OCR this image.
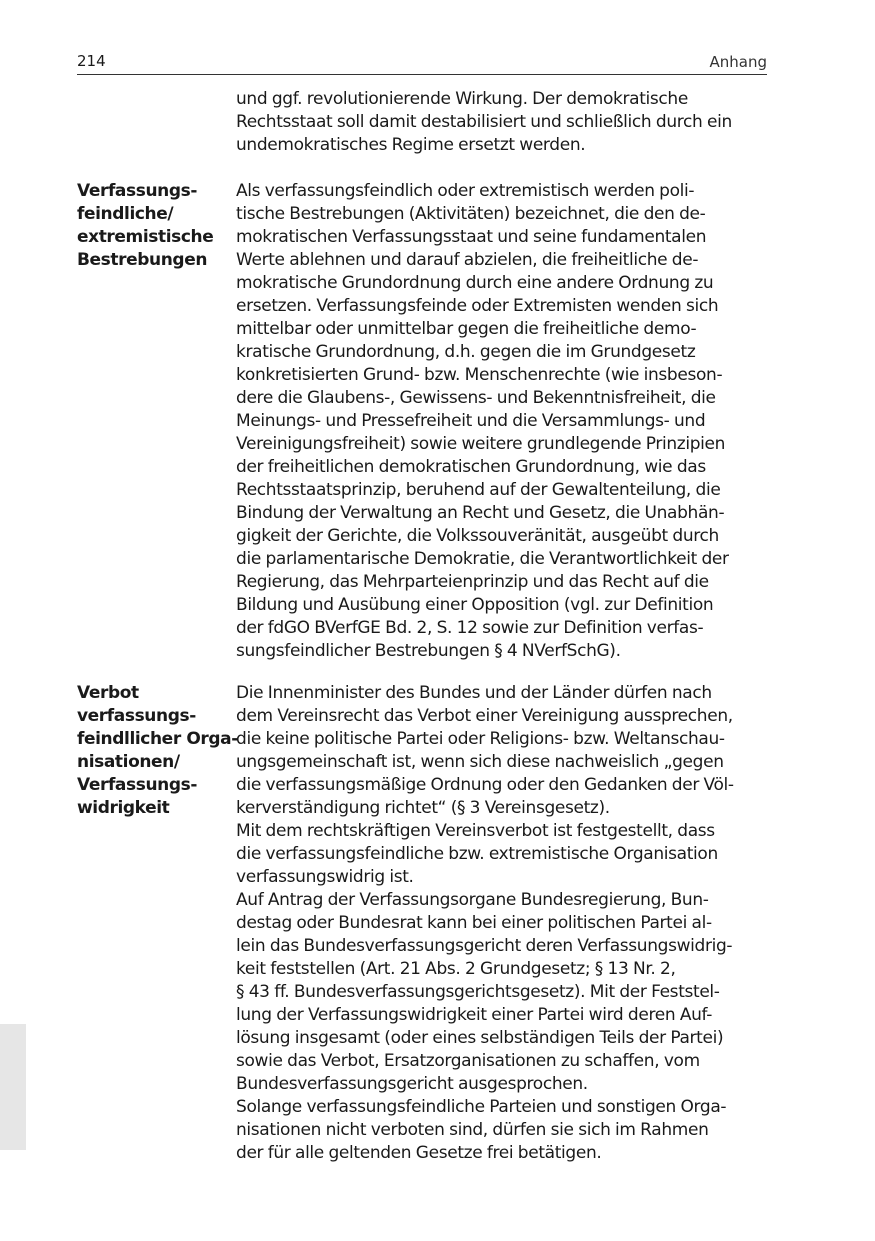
214	Anhang
und ggf. revolutionierende Wirkung. Der demokratische
Rechtsstaat soll damit destabilisiert und schließlich durch ein
undemokratisches Regime ersetzt werden.
Verfassungs-
feindliche/
extremistische
Bestrebungen
Als verfassungsfeindlich oder extremistisch werden poli-
tische Bestrebungen (Aktivitäten) bezeichnet, die den de-
mokratischen Verfassungsstaat und seine fundamentalen
Werte ablehnen und darauf abzielen, die freiheitliche de-
mokratische Grundordnung durch eine andere Ordnung zu
ersetzen. Verfassungsfeinde oder Extremisten wenden sich
mittelbar oder unmittelbar gegen die freiheitliche demo-
kratische Grundordnung, d.h. gegen die im Grundgesetz
konkretisierten Grund- bzw. Menschenrechte (wie insbeson-
dere die Glaubens-, Gewissens- und Bekenntnisfreiheit, die
Meinungs- und Pressefreiheit und die Versammlungs- und
Vereinigungsfreiheit) sowie weitere grundlegende Prinzipien
der freiheitlichen demokratischen Grundordnung, wie das
Rechtsstaatsprinzip, beruhend auf der Gewaltenteilung, die
Bindung der Verwaltung an Recht und Gesetz, die Unabhän-
gigkeit der Gerichte, die Volkssouveränität, ausgeübt durch
die parlamentarische Demokratie, die Verantwortlichkeit der
Regierung, das Mehrparteienprinzip und das Recht auf die
Bildung und Ausübung einer Opposition (vgl. zur Definition
der fdGO BVerfGE Bd. 2, S. 12 sowie zur Definition verfas-
sungsfeindlicher Bestrebungen § 4 NVerfSchG).
Verbot
verfassungs-
feindllicher Orga-
nisationen/
Verfassungs-
widrigkeit
Die Innenminister des Bundes und der Länder dürfen nach
dem Vereinsrecht das Verbot einer Vereinigung aussprechen,
die keine politische Partei oder Religions- bzw. Weltanschau-
ungsgemeinschaft ist, wenn sich diese nachweislich „gegen
die verfassungsmäßige Ordnung oder den Gedanken der Völ-
kerverständigung richtet“ (§ 3 Vereinsgesetz).
Mit dem rechtskräftigen Vereinsverbot ist festgestellt, dass
die verfassungsfeindliche bzw. extremistische Organisation
verfassungswidrig ist.
Auf Antrag der Verfassungsorgane Bundesregierung, Bun-
destag oder Bundesrat kann bei einer politischen Partei al-
lein das Bundesverfassungsgericht deren Verfassungswidrig-
keit feststellen (Art. 21 Abs. 2 Grundgesetz; § 13 Nr. 2,
§ 43 ff. Bundesverfassungsgerichtsgesetz). Mit der Feststel-
lung der Verfassungswidrigkeit einer Partei wird deren Auf-
lösung insgesamt (oder eines selbständigen Teils der Partei)
sowie das Verbot, Ersatzorganisationen zu schaffen, vom
Bundesverfassungsgericht ausgesprochen.
Solange verfassungsfeindliche Parteien und sonstigen Orga-
nisationen nicht verboten sind, dürfen sie sich im Rahmen
der für alle geltenden Gesetze frei betätigen.
